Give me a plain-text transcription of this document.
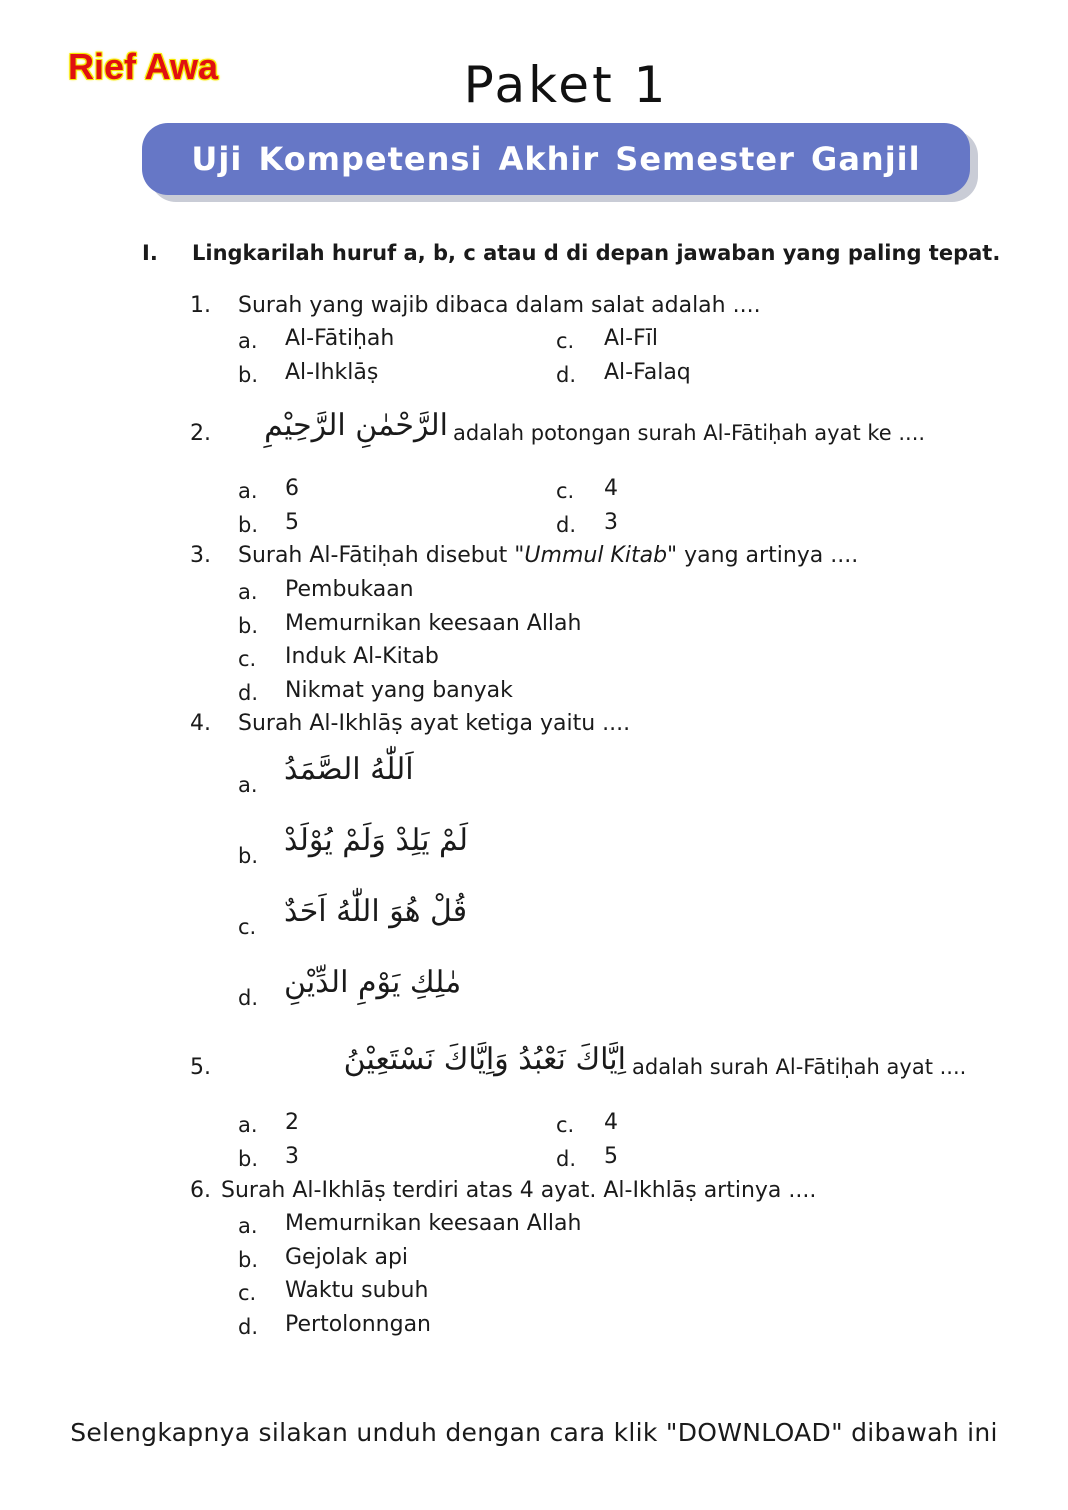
Rief Awa	Paket 1
Uji Kompetensi Akhir Semester Ganjil
I. Lingkarilah huruf a, b, c atau d di depan jawaban yang paling tepat.
1. Surah yang wajib dibaca dalam salat adalah ....
a. Al-Fātiḥah	c. Al-Fīl
b. Al-Ihklāṣ	d. Al-Falaq
2.	الرَّحْمٰنِ الرَّحِيْمِ adalah potongan surah Al-Fātiḥah ayat ke ....
a. 6	c. 4
b. 5	d. 3
3. Surah Al-Fātiḥah disebut "Ummul Kitab" yang artinya ....
a. Pembukaan
b. Memurnikan keesaan Allah
c. Induk Al-Kitab
d. Nikmat yang banyak
4. Surah Al-Ikhlāṣ ayat ketiga yaitu ....
a. اَللّٰهُ الصَّمَدُ
b. لَمْ يَلِدْ وَلَمْ يُوْلَدْ
c. قُلْ هُوَ اللّٰهُ اَحَدٌ
d. مٰلِكِ يَوْمِ الدِّيْنِ
5.	اِيَّاكَ نَعْبُدُ وَاِيَّاكَ نَسْتَعِيْنُ adalah surah Al-Fātiḥah ayat ....
a. 2	c. 4
b. 3	d. 5
6. Surah Al-Ikhlāṣ terdiri atas 4 ayat. Al-Ikhlāṣ artinya ....
a. Memurnikan keesaan Allah
b. Gejolak api
c. Waktu subuh
d. Pertolonngan
Selengkapnya silakan unduh dengan cara klik "DOWNLOAD" dibawah ini
